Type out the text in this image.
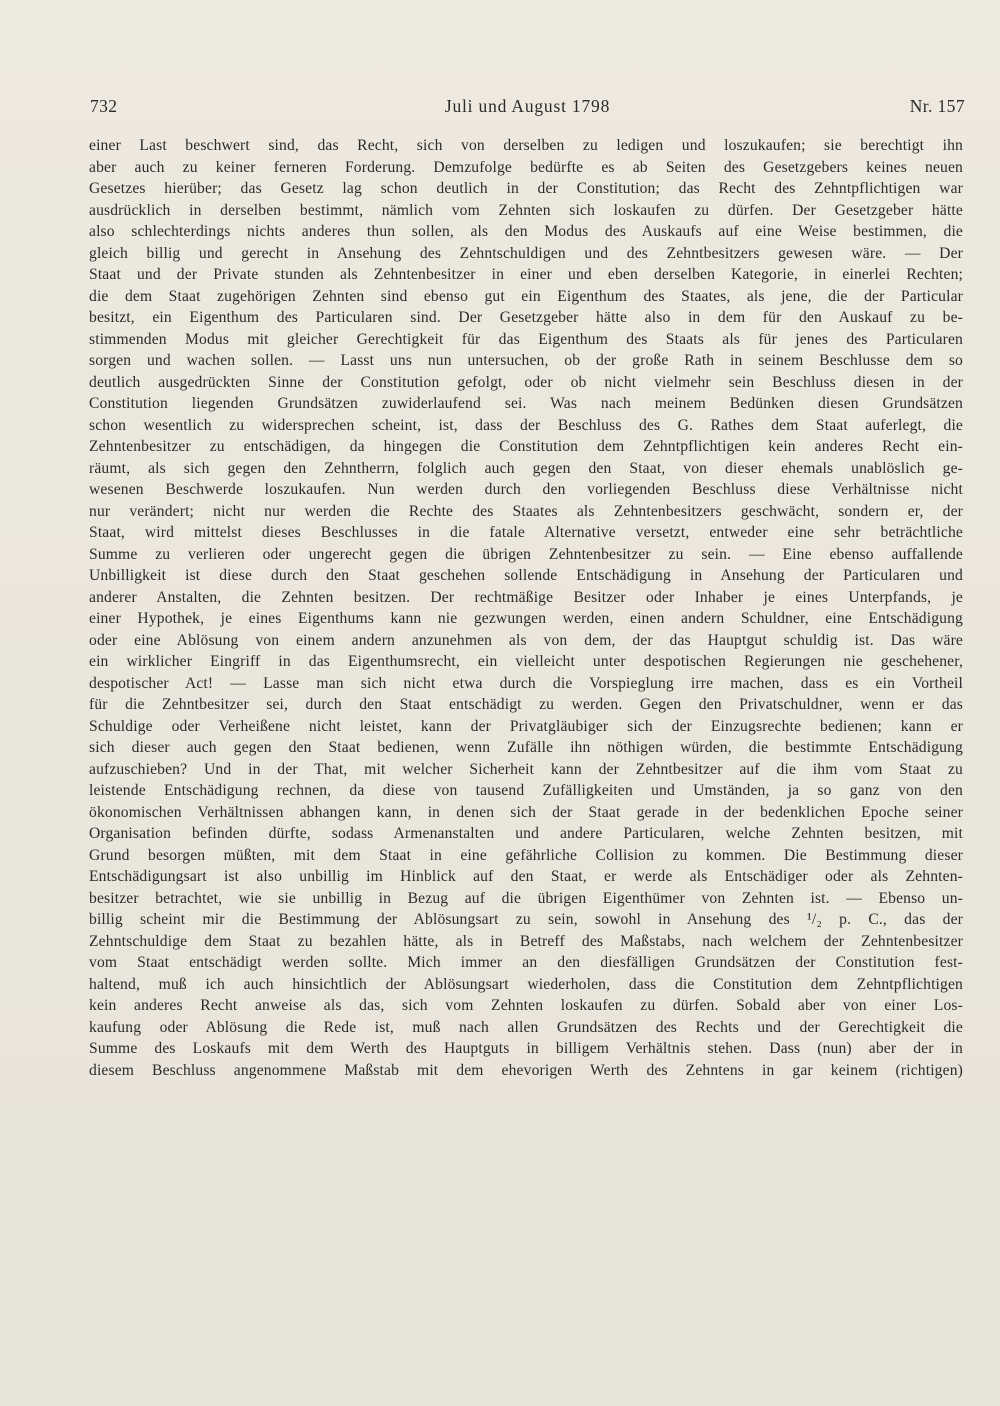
732	Juli und August 1798	Nr. 157
einer Last beschwert sind, das Recht, sich von derselben zu ledigen und loszukaufen; sie berechtigt ihn
aber auch zu keiner ferneren Forderung. Demzufolge bedürfte es ab Seiten des Gesetzgebers keines neuen
Gesetzes hierüber; das Gesetz lag schon deutlich in der Constitution; das Recht des Zehntpflichtigen war
ausdrücklich in derselben bestimmt, nämlich vom Zehnten sich loskaufen zu dürfen. Der Gesetzgeber hätte
also schlechterdings nichts anderes thun sollen, als den Modus des Auskaufs auf eine Weise bestimmen, die
gleich billig und gerecht in Ansehung des Zehntschuldigen und des Zehntbesitzers gewesen wäre. — Der
Staat und der Private stunden als Zehntenbesitzer in einer und eben derselben Kategorie, in einerlei Rechten;
die dem Staat zugehörigen Zehnten sind ebenso gut ein Eigenthum des Staates, als jene, die der Particular
besitzt, ein Eigenthum des Particularen sind. Der Gesetzgeber hätte also in dem für den Auskauf zu be-
stimmenden Modus mit gleicher Gerechtigkeit für das Eigenthum des Staats als für jenes des Particularen
sorgen und wachen sollen. — Lasst uns nun untersuchen, ob der große Rath in seinem Beschlusse dem so
deutlich ausgedrückten Sinne der Constitution gefolgt, oder ob nicht vielmehr sein Beschluss diesen in der
Constitution liegenden Grundsätzen zuwiderlaufend sei. Was nach meinem Bedünken diesen Grundsätzen
schon wesentlich zu widersprechen scheint, ist, dass der Beschluss des G. Rathes dem Staat auferlegt, die
Zehntenbesitzer zu entschädigen, da hingegen die Constitution dem Zehntpflichtigen kein anderes Recht ein-
räumt, als sich gegen den Zehntherrn, folglich auch gegen den Staat, von dieser ehemals unablöslich ge-
wesenen Beschwerde loszukaufen. Nun werden durch den vorliegenden Beschluss diese Verhältnisse nicht
nur verändert; nicht nur werden die Rechte des Staates als Zehntenbesitzers geschwächt, sondern er, der
Staat, wird mittelst dieses Beschlusses in die fatale Alternative versetzt, entweder eine sehr beträchtliche
Summe zu verlieren oder ungerecht gegen die übrigen Zehntenbesitzer zu sein. — Eine ebenso auffallende
Unbilligkeit ist diese durch den Staat geschehen sollende Entschädigung in Ansehung der Particularen und
anderer Anstalten, die Zehnten besitzen. Der rechtmäßige Besitzer oder Inhaber je eines Unterpfands, je
einer Hypothek, je eines Eigenthums kann nie gezwungen werden, einen andern Schuldner, eine Entschädigung
oder eine Ablösung von einem andern anzunehmen als von dem, der das Hauptgut schuldig ist. Das wäre
ein wirklicher Eingriff in das Eigenthumsrecht, ein vielleicht unter despotischen Regierungen nie geschehener,
despotischer Act! — Lasse man sich nicht etwa durch die Vorspieglung irre machen, dass es ein Vortheil
für die Zehntbesitzer sei, durch den Staat entschädigt zu werden. Gegen den Privatschuldner, wenn er das
Schuldige oder Verheißene nicht leistet, kann der Privatgläubiger sich der Einzugsrechte bedienen; kann er
sich dieser auch gegen den Staat bedienen, wenn Zufälle ihn nöthigen würden, die bestimmte Entschädigung
aufzuschieben? Und in der That, mit welcher Sicherheit kann der Zehntbesitzer auf die ihm vom Staat zu
leistende Entschädigung rechnen, da diese von tausend Zufälligkeiten und Umständen, ja so ganz von den
ökonomischen Verhältnissen abhangen kann, in denen sich der Staat gerade in der bedenklichen Epoche seiner
Organisation befinden dürfte, sodass Armenanstalten und andere Particularen, welche Zehnten besitzen, mit
Grund besorgen müßten, mit dem Staat in eine gefährliche Collision zu kommen. Die Bestimmung dieser
Entschädigungsart ist also unbillig im Hinblick auf den Staat, er werde als Entschädiger oder als Zehnten-
besitzer betrachtet, wie sie unbillig in Bezug auf die übrigen Eigenthümer von Zehnten ist. — Ebenso un-
billig scheint mir die Bestimmung der Ablösungsart zu sein, sowohl in Ansehung des ¹/₂ p. C., das der
Zehntschuldige dem Staat zu bezahlen hätte, als in Betreff des Maßstabs, nach welchem der Zehntenbesitzer
vom Staat entschädigt werden sollte. Mich immer an den diesfälligen Grundsätzen der Constitution fest-
haltend, muß ich auch hinsichtlich der Ablösungsart wiederholen, dass die Constitution dem Zehntpflichtigen
kein anderes Recht anweise als das, sich vom Zehnten loskaufen zu dürfen. Sobald aber von einer Los-
kaufung oder Ablösung die Rede ist, muß nach allen Grundsätzen des Rechts und der Gerechtigkeit die
Summe des Loskaufs mit dem Werth des Hauptguts in billigem Verhältnis stehen. Dass (nun) aber der in
diesem Beschluss angenommene Maßstab mit dem ehevorigen Werth des Zehntens in gar keinem (richtigen)
